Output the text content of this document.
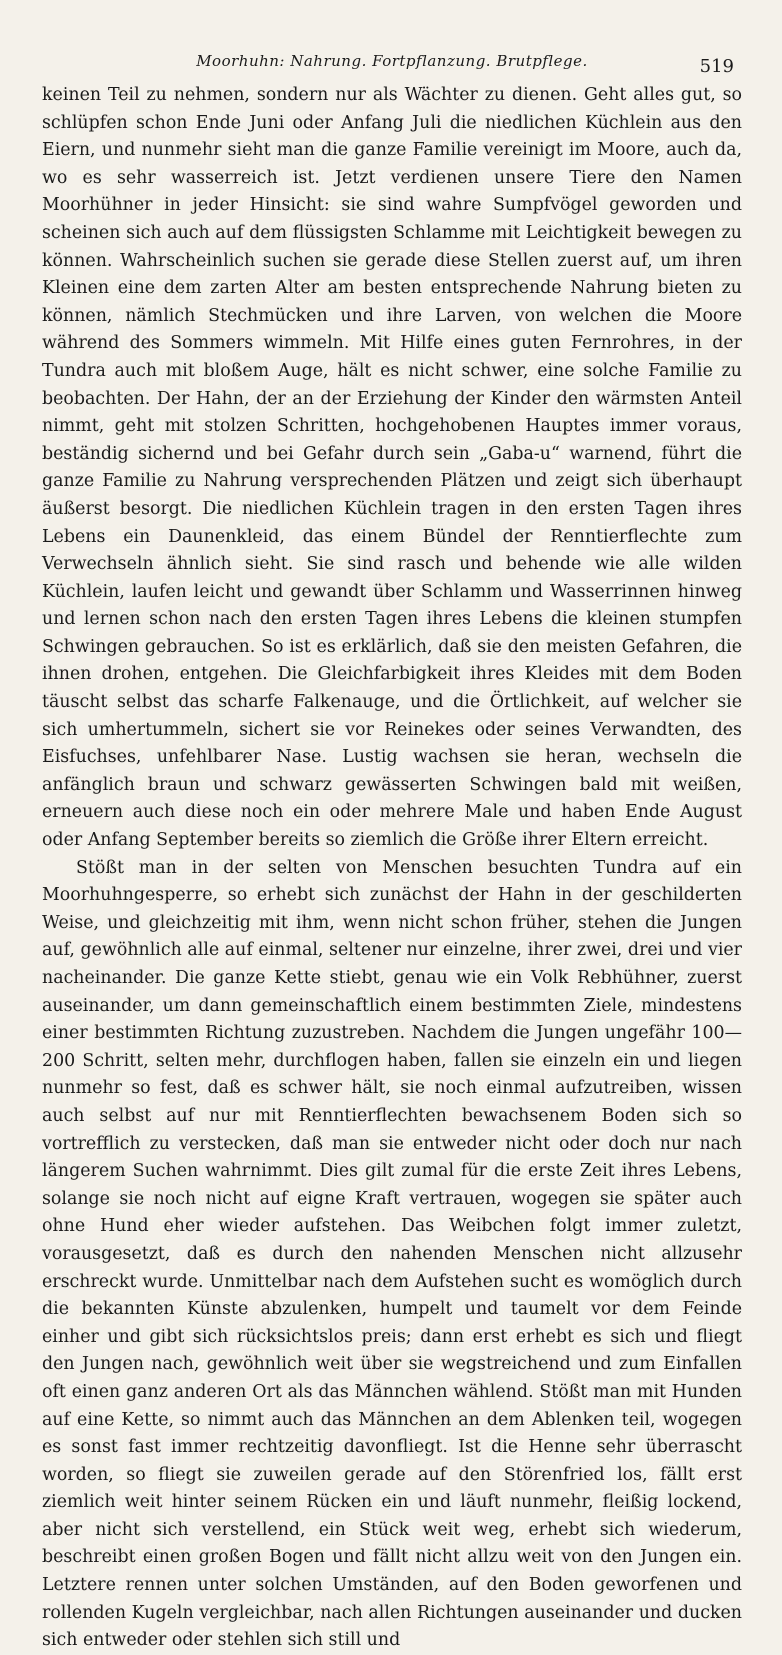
Moorhuhn: Nahrung. Fortpflanzung. Brutpflege.	519

keinen Teil zu nehmen, sondern nur als Wächter zu dienen. Geht alles gut, so schlüpfen schon Ende Juni oder Anfang Juli die niedlichen Küchlein aus den Eiern, und nunmehr sieht man die ganze Familie vereinigt im Moore, auch da, wo es sehr wasserreich ist. Jetzt verdienen unsere Tiere den Namen Moorhühner in jeder Hinsicht: sie sind wahre Sumpfvögel geworden und scheinen sich auch auf dem flüssigsten Schlamme mit Leichtigkeit bewegen zu können. Wahrscheinlich suchen sie gerade diese Stellen zuerst auf, um ihren Kleinen eine dem zarten Alter am besten entsprechende Nahrung bieten zu können, nämlich Stechmücken und ihre Larven, von welchen die Moore während des Sommers wimmeln. Mit Hilfe eines guten Fernrohres, in der Tundra auch mit bloßem Auge, hält es nicht schwer, eine solche Familie zu beobachten. Der Hahn, der an der Erziehung der Kinder den wärmsten Anteil nimmt, geht mit stolzen Schritten, hochgehobenen Hauptes immer voraus, beständig sichernd und bei Gefahr durch sein „Gaba-u“ warnend, führt die ganze Familie zu Nahrung versprechenden Plätzen und zeigt sich überhaupt äußerst besorgt. Die niedlichen Küchlein tragen in den ersten Tagen ihres Lebens ein Daunenkleid, das einem Bündel der Renntierflechte zum Verwechseln ähnlich sieht. Sie sind rasch und behende wie alle wilden Küchlein, laufen leicht und gewandt über Schlamm und Wasserrinnen hinweg und lernen schon nach den ersten Tagen ihres Lebens die kleinen stumpfen Schwingen gebrauchen. So ist es erklärlich, daß sie den meisten Gefahren, die ihnen drohen, entgehen. Die Gleichfarbigkeit ihres Kleides mit dem Boden täuscht selbst das scharfe Falkenauge, und die Örtlichkeit, auf welcher sie sich umhertummeln, sichert sie vor Reinekes oder seines Verwandten, des Eisfuchses, unfehlbarer Nase. Lustig wachsen sie heran, wechseln die anfänglich braun und schwarz gewässerten Schwingen bald mit weißen, erneuern auch diese noch ein oder mehrere Male und haben Ende August oder Anfang September bereits so ziemlich die Größe ihrer Eltern erreicht.

Stößt man in der selten von Menschen besuchten Tundra auf ein Moorhuhngesperre, so erhebt sich zunächst der Hahn in der geschilderten Weise, und gleichzeitig mit ihm, wenn nicht schon früher, stehen die Jungen auf, gewöhnlich alle auf einmal, seltener nur einzelne, ihrer zwei, drei und vier nacheinander. Die ganze Kette stiebt, genau wie ein Volk Rebhühner, zuerst auseinander, um dann gemeinschaftlich einem bestimmten Ziele, mindestens einer bestimmten Richtung zuzustreben. Nachdem die Jungen ungefähr 100—200 Schritt, selten mehr, durchflogen haben, fallen sie einzeln ein und liegen nunmehr so fest, daß es schwer hält, sie noch einmal aufzutreiben, wissen auch selbst auf nur mit Renntierflechten bewachsenem Boden sich so vortrefflich zu verstecken, daß man sie entweder nicht oder doch nur nach längerem Suchen wahrnimmt. Dies gilt zumal für die erste Zeit ihres Lebens, solange sie noch nicht auf eigne Kraft vertrauen, wogegen sie später auch ohne Hund eher wieder aufstehen. Das Weibchen folgt immer zuletzt, vorausgesetzt, daß es durch den nahenden Menschen nicht allzusehr erschreckt wurde. Unmittelbar nach dem Aufstehen sucht es womöglich durch die bekannten Künste abzulenken, humpelt und taumelt vor dem Feinde einher und gibt sich rücksichtslos preis; dann erst erhebt es sich und fliegt den Jungen nach, gewöhnlich weit über sie wegstreichend und zum Einfallen oft einen ganz anderen Ort als das Männchen wählend. Stößt man mit Hunden auf eine Kette, so nimmt auch das Männchen an dem Ablenken teil, wogegen es sonst fast immer rechtzeitig davonfliegt. Ist die Henne sehr überrascht worden, so fliegt sie zuweilen gerade auf den Störenfried los, fällt erst ziemlich weit hinter seinem Rücken ein und läuft nunmehr, fleißig lockend, aber nicht sich verstellend, ein Stück weit weg, erhebt sich wiederum, beschreibt einen großen Bogen und fällt nicht allzu weit von den Jungen ein. Letztere rennen unter solchen Umständen, auf den Boden geworfenen und rollenden Kugeln vergleichbar, nach allen Richtungen auseinander und ducken sich entweder oder stehlen sich still und
